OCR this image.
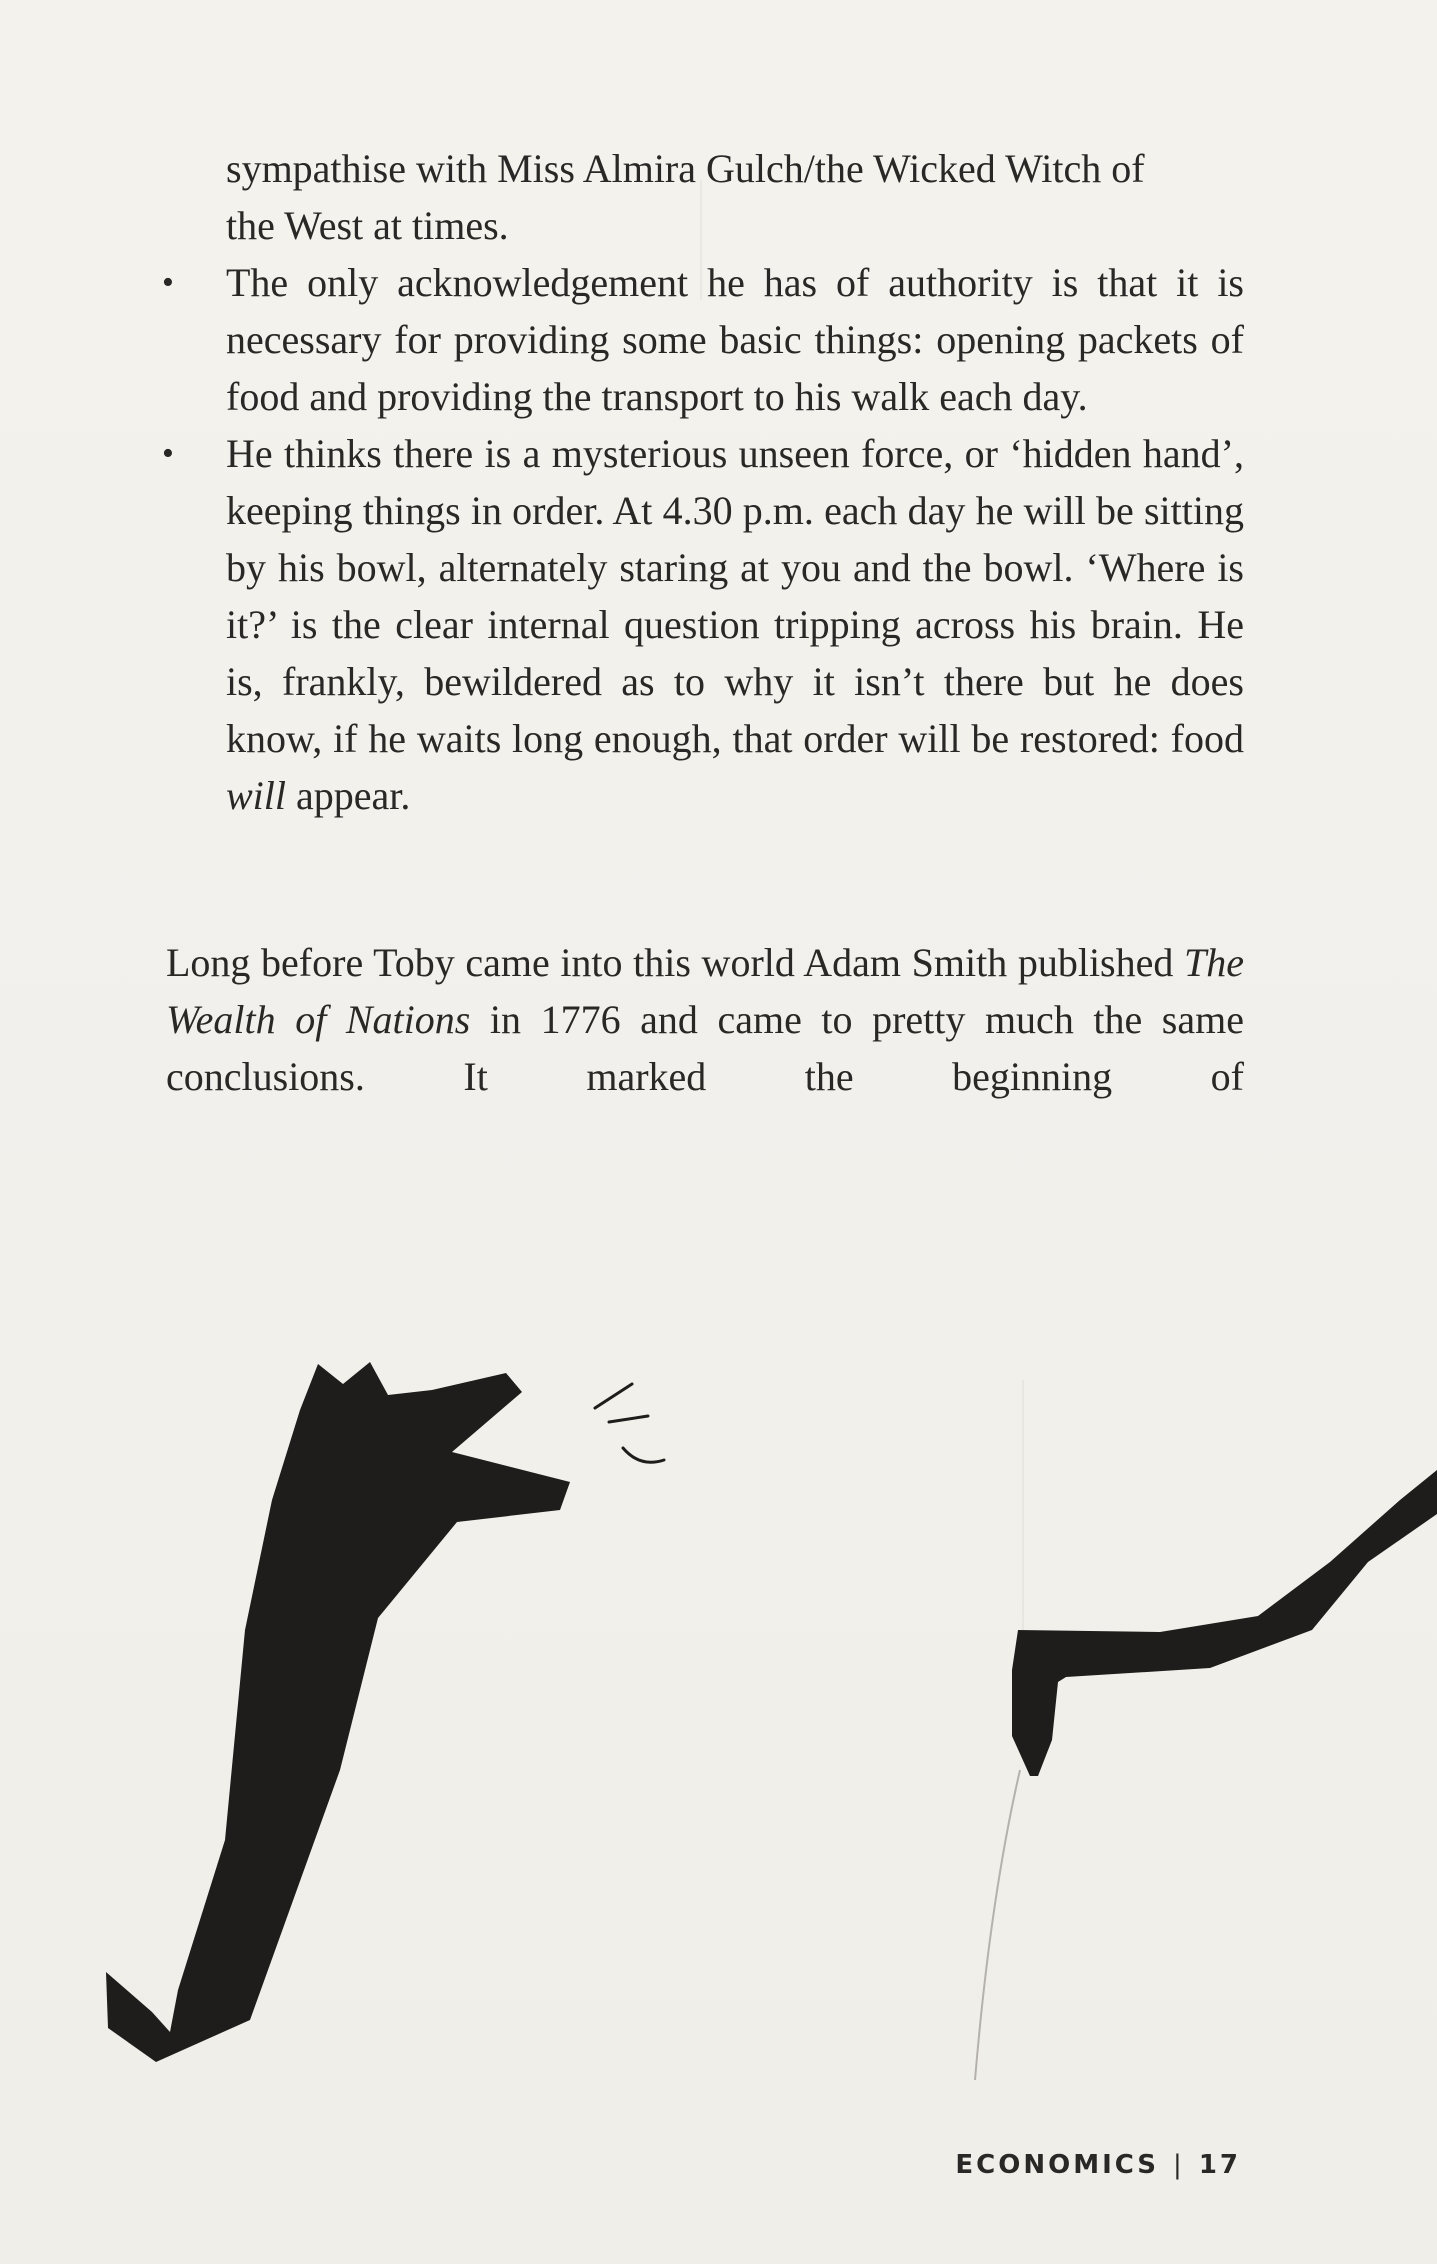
sympathise with Miss Almira Gulch/the Wicked Witch of
the West at times.
• The only acknowledgement he has of authority is that it is necessary for providing some basic things: opening packets of food and providing the transport to his walk each day.
• He thinks there is a mysterious unseen force, or ‘hidden hand’, keeping things in order. At 4.30 p.m. each day he will be sitting by his bowl, alternately staring at you and the bowl. ‘Where is it?’ is the clear internal question tripping across his brain. He is, frankly, bewildered as to why it isn’t there but he does know, if he waits long enough, that order will be restored: food will appear.

Long before Toby came into this world Adam Smith published The Wealth of Nations in 1776 and came to pretty much the same conclusions. It marked the beginning of

ECONOMICS | 17
